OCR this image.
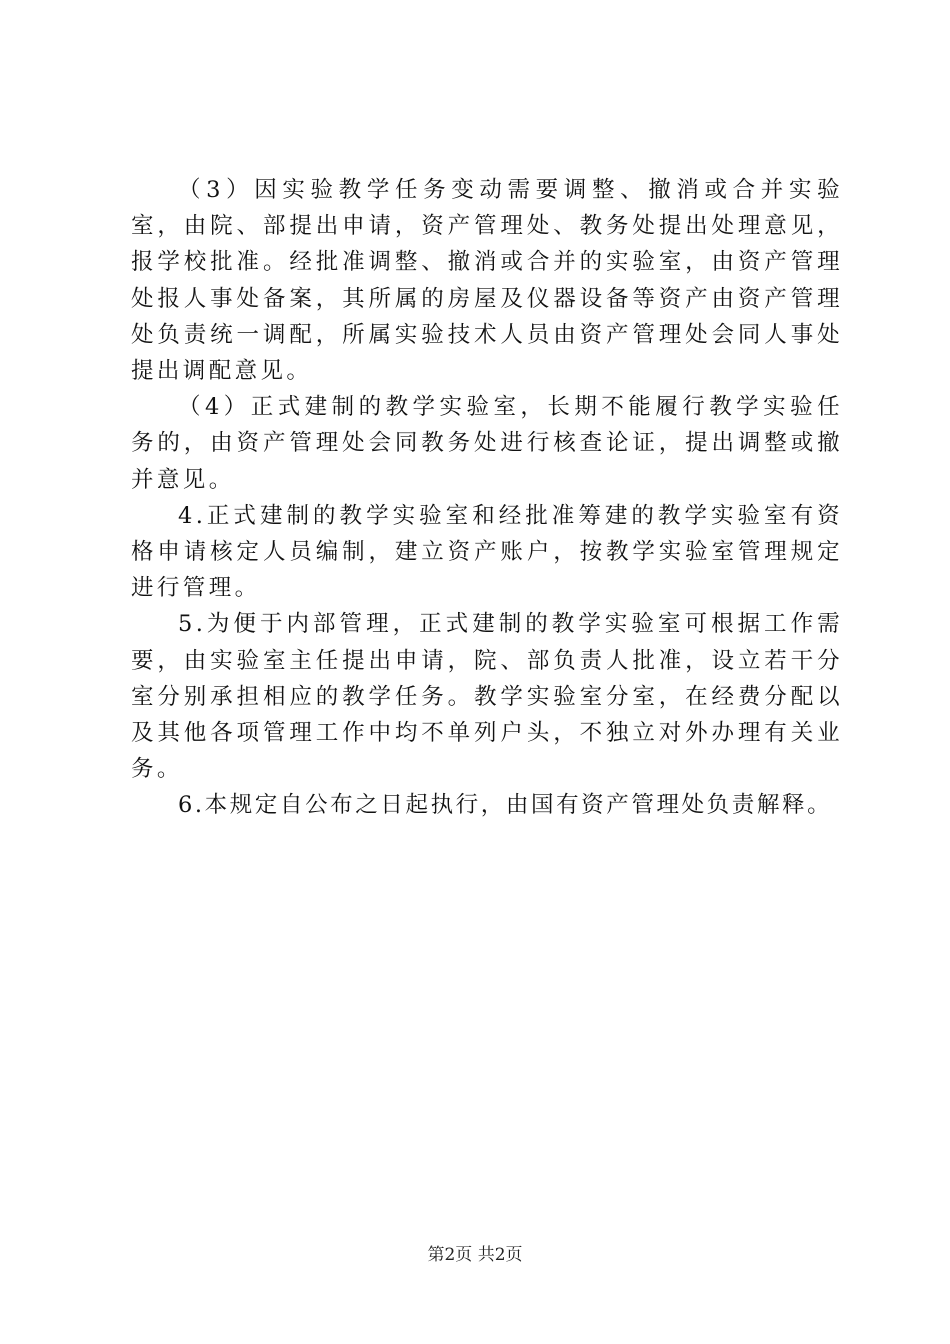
（3）因实验教学任务变动需要调整、撤消或合并实验室，由院、部提出申请，资产管理处、教务处提出处理意见，报学校批准。经批准调整、撤消或合并的实验室，由资产管理处报人事处备案，其所属的房屋及仪器设备等资产由资产管理处负责统一调配，所属实验技术人员由资产管理处会同人事处提出调配意见。

（4）正式建制的教学实验室，长期不能履行教学实验任务的，由资产管理处会同教务处进行核查论证，提出调整或撤并意见。

4.正式建制的教学实验室和经批准筹建的教学实验室有资格申请核定人员编制，建立资产账户，按教学实验室管理规定进行管理。

5.为便于内部管理，正式建制的教学实验室可根据工作需要，由实验室主任提出申请，院、部负责人批准，设立若干分室分别承担相应的教学任务。教学实验室分室，在经费分配以及其他各项管理工作中均不单列户头，不独立对外办理有关业务。

6.本规定自公布之日起执行，由国有资产管理处负责解释。

第2页 共2页
